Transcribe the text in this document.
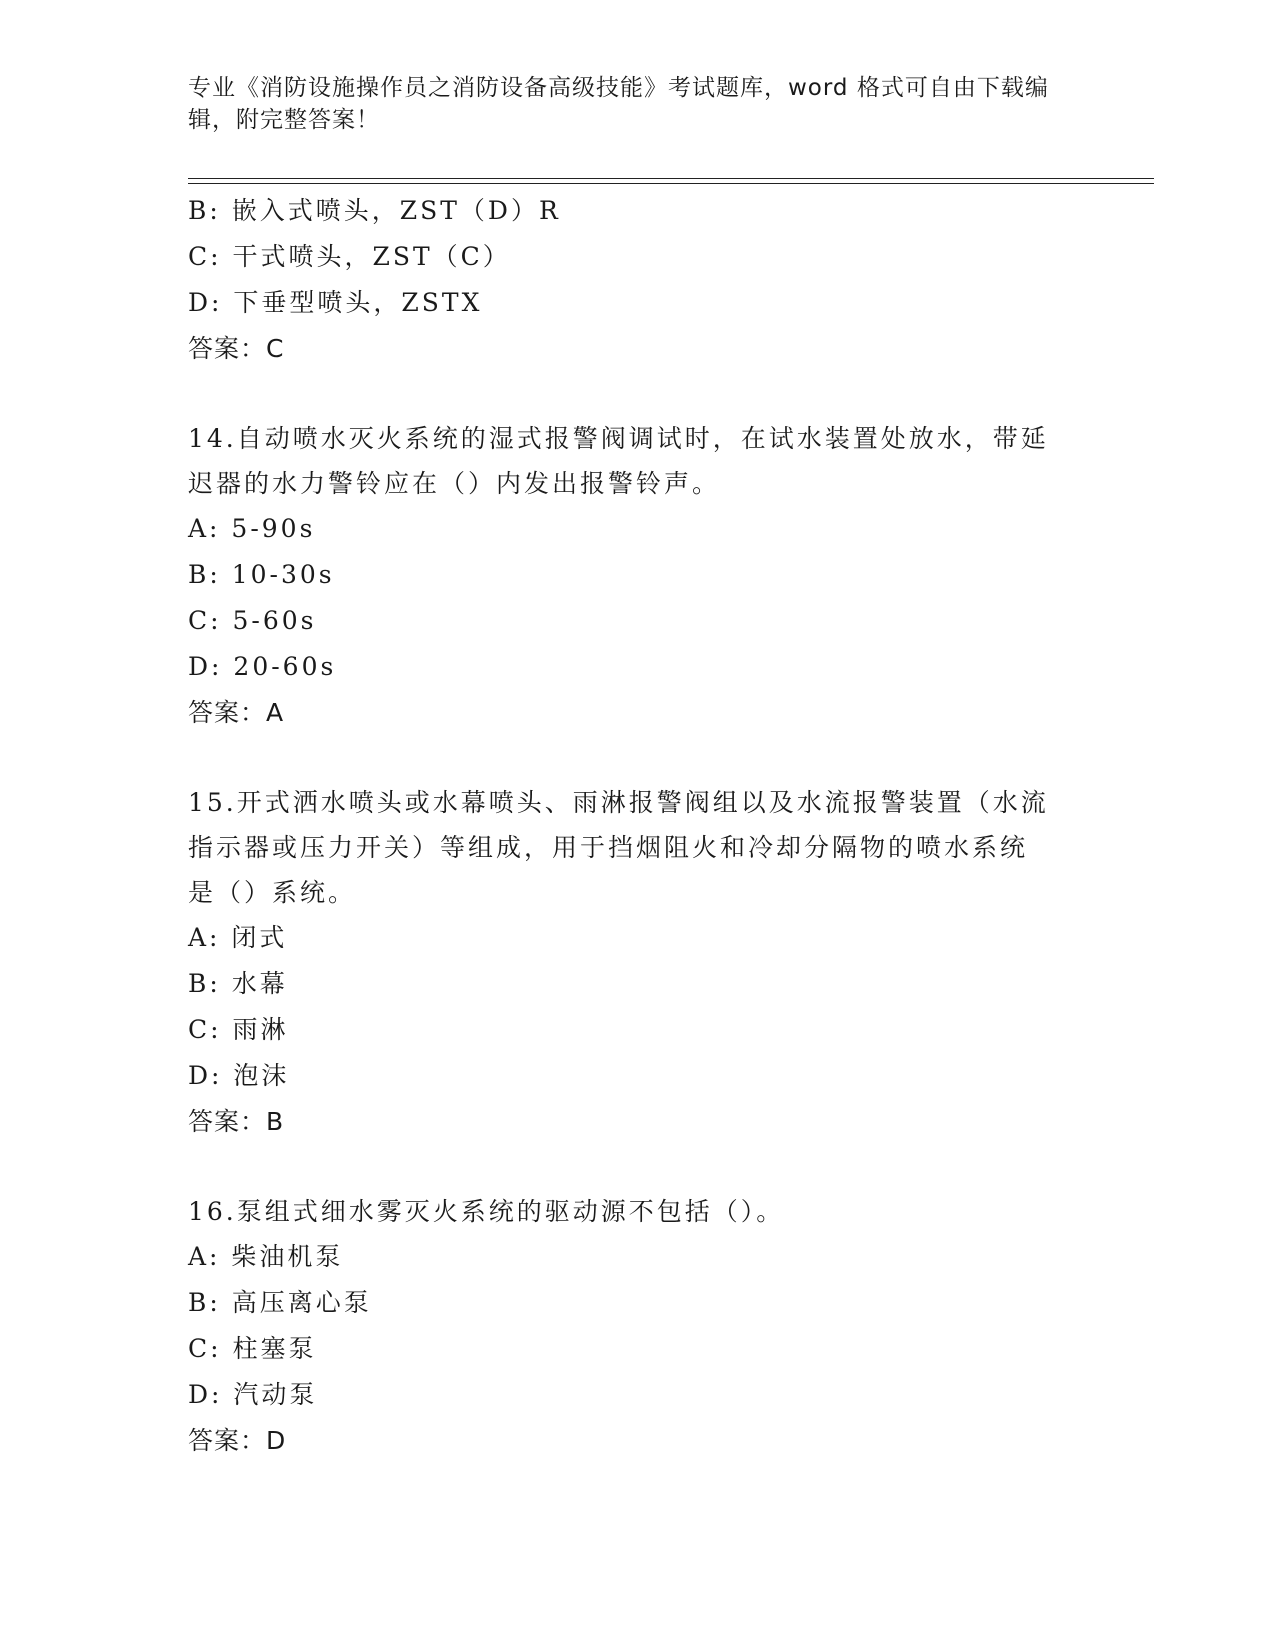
专业《消防设施操作员之消防设备高级技能》考试题库，word 格式可自由下载编辑，附完整答案！
B: 嵌入式喷头，ZST（D）R
C: 干式喷头，ZST（C）
D: 下垂型喷头，ZSTX
答案：C
14.自动喷水灭火系统的湿式报警阀调试时，在试水装置处放水，带延
迟器的水力警铃应在（）内发出报警铃声。
A: 5-90s
B: 10-30s
C: 5-60s
D: 20-60s
答案：A
15.开式洒水喷头或水幕喷头、雨淋报警阀组以及水流报警装置（水流
指示器或压力开关）等组成，用于挡烟阻火和冷却分隔物的喷水系统
是（）系统。
A: 闭式
B: 水幕
C: 雨淋
D: 泡沫
答案：B
16.泵组式细水雾灭火系统的驱动源不包括（）。
A: 柴油机泵
B: 高压离心泵
C: 柱塞泵
D: 汽动泵
答案：D
